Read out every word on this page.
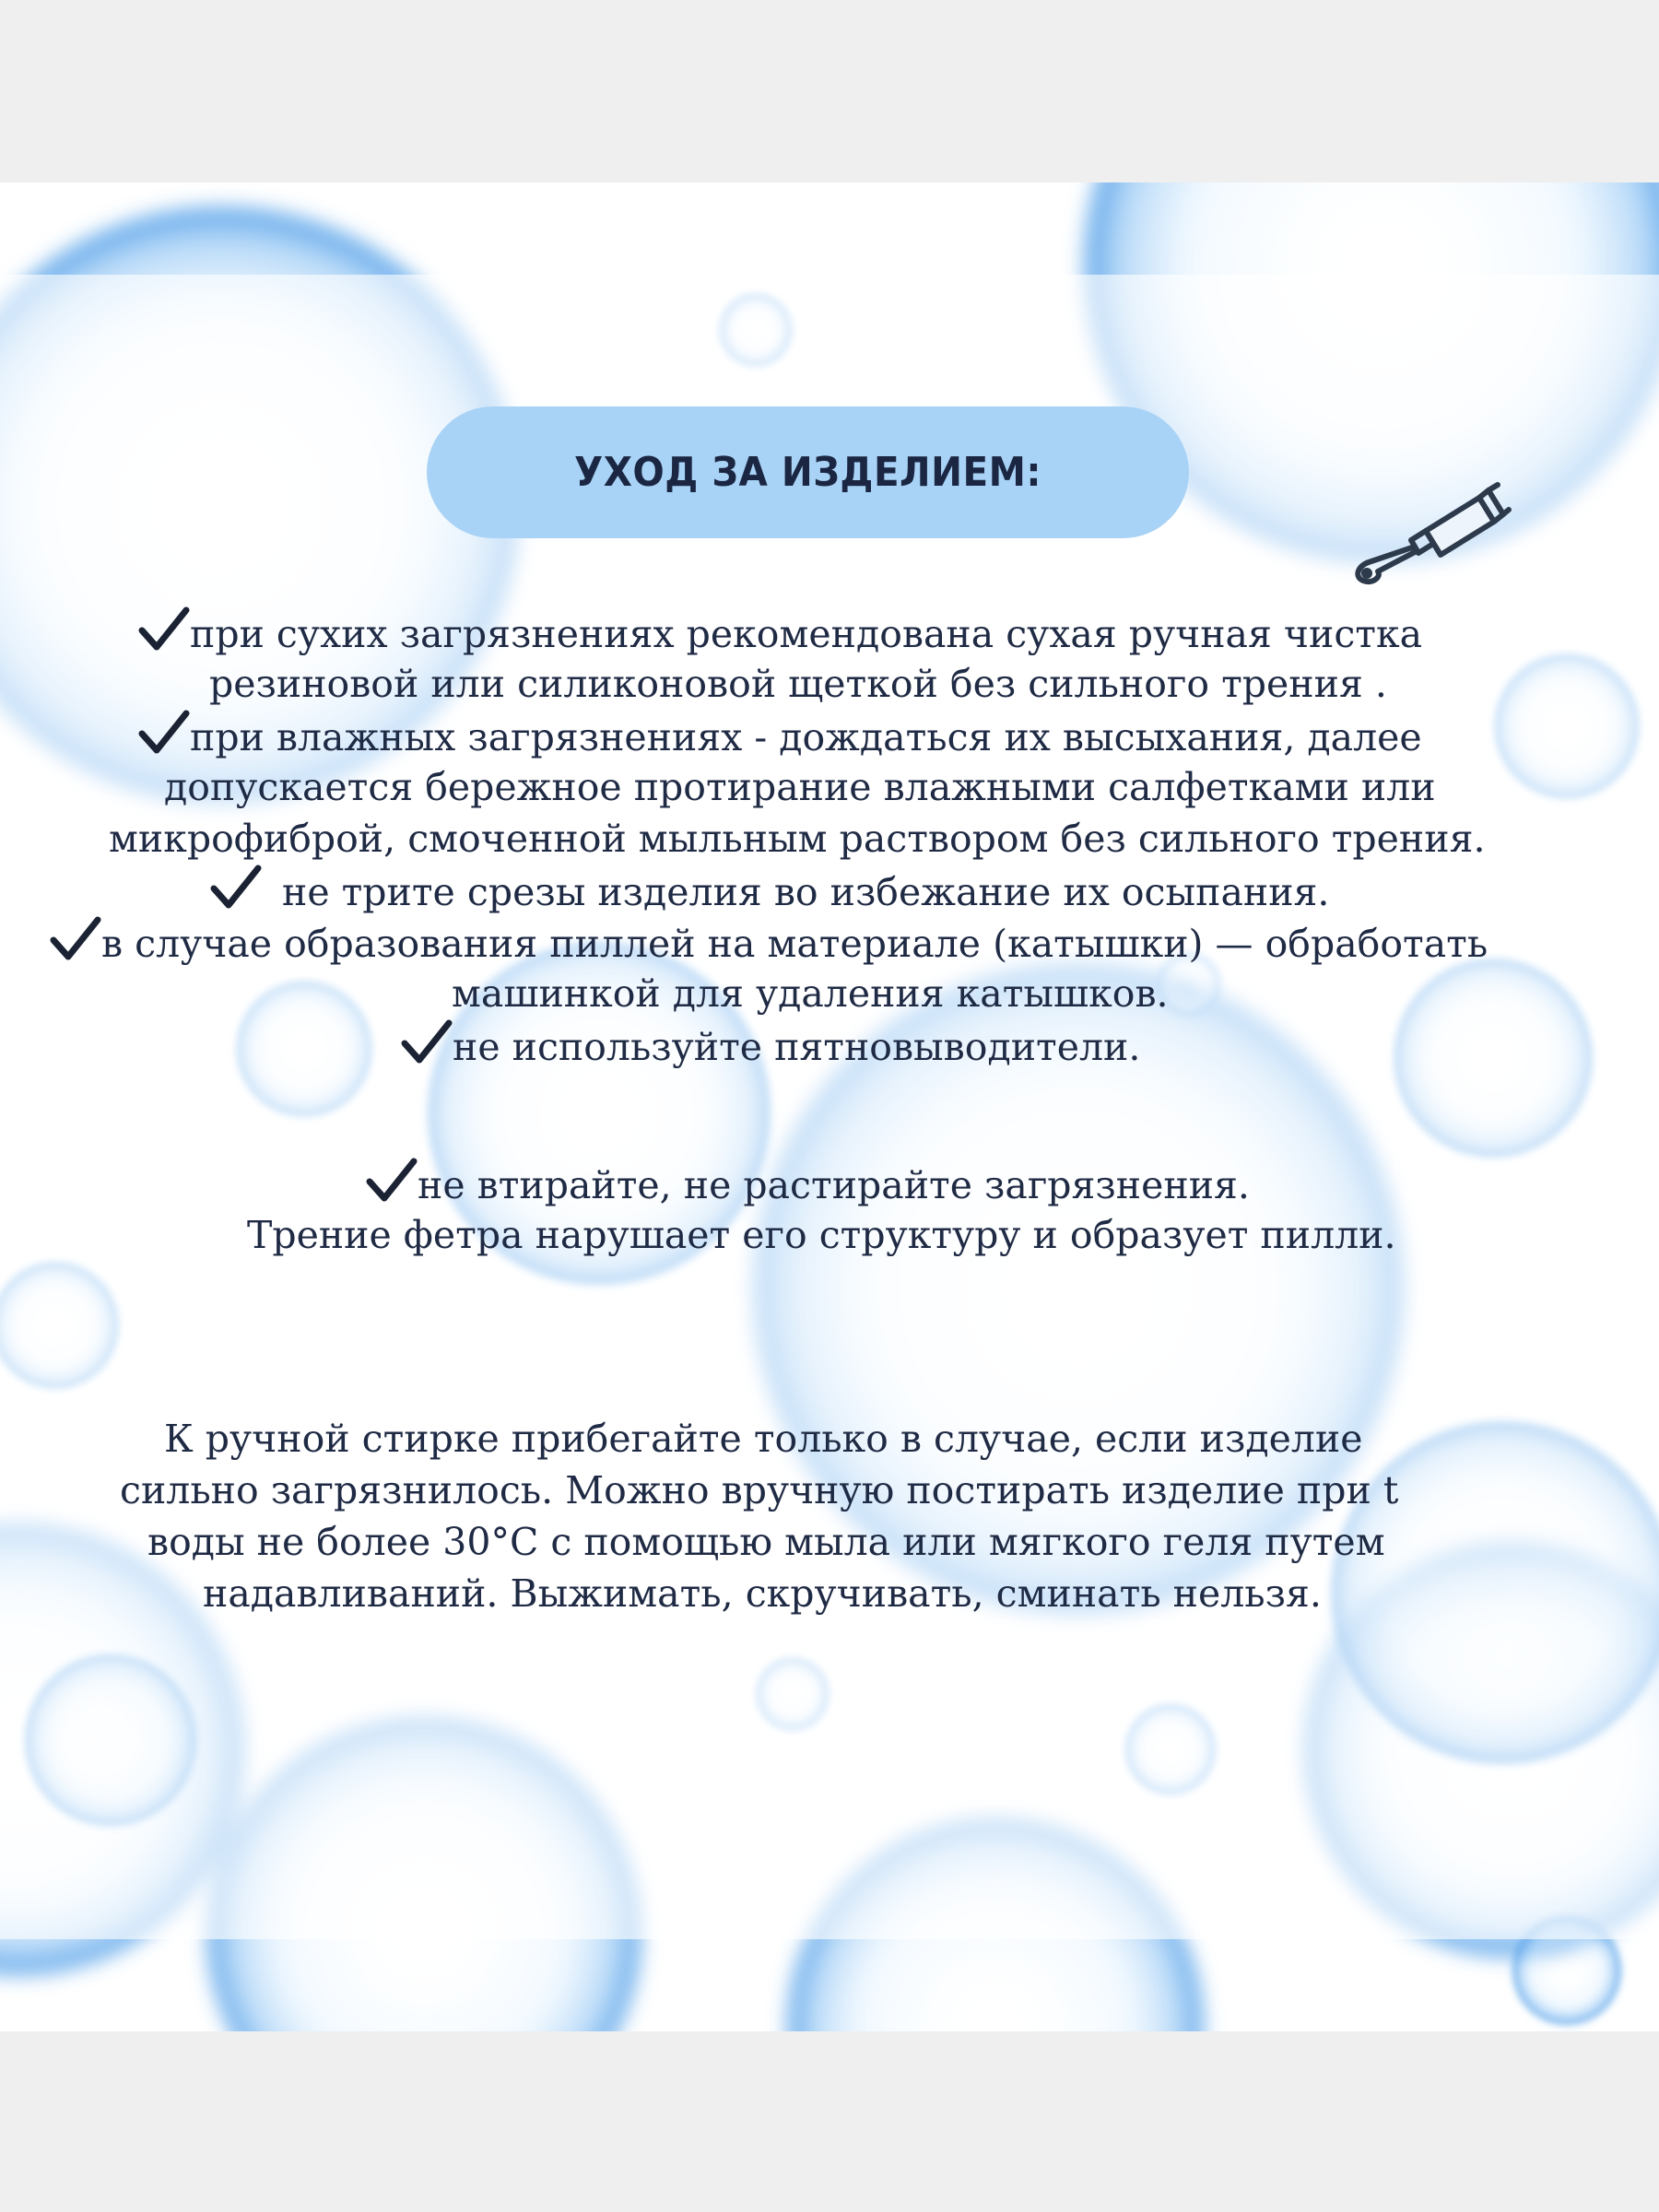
УХОД ЗА ИЗДЕЛИЕМ:
при сухих загрязнениях рекомендована сухая ручная чистка
резиновой или силиконовой щеткой без сильного трения .
при влажных загрязнениях - дождаться их высыхания, далее
допускается бережное протирание влажными салфетками или
микрофиброй, смоченной мыльным раствором без сильного трения.
не трите срезы изделия во избежание их осыпания.
в случае образования пиллей на материале (катышки) — обработать
машинкой для удаления катышков.
не используйте пятновыводители.
не втирайте, не растирайте загрязнения.
Трение фетра нарушает его структуру и образует пилли.
К ручной стирке прибегайте только в случае, если изделие
сильно загрязнилось. Можно вручную постирать изделие при t
воды не более 30°С с помощью мыла или мягкого геля путем
надавливаний. Выжимать, скручивать, сминать нельзя.
